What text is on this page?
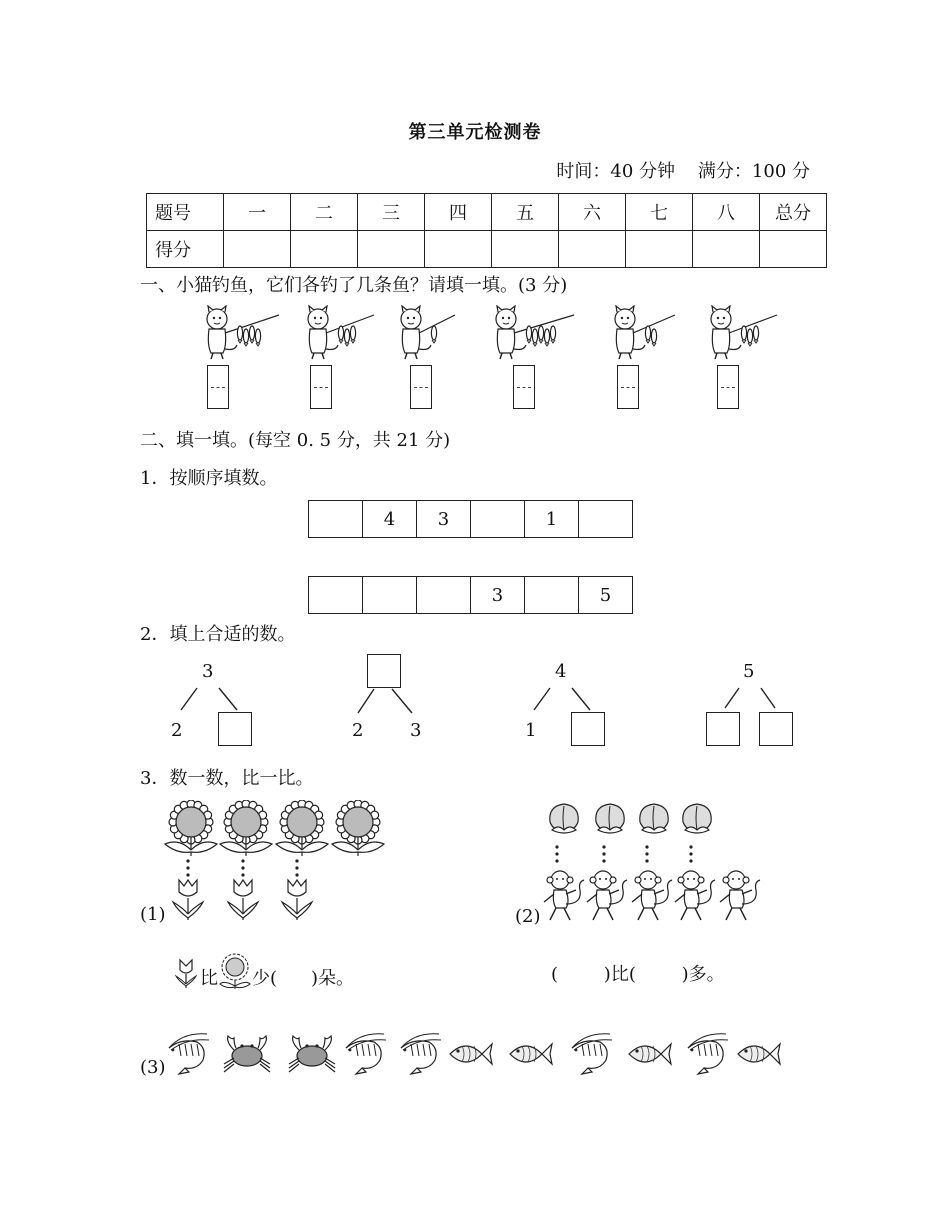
第三单元检测卷
时间：40 分钟 满分：100 分
题号	一	二	三	四	五	六	七	八	总分
得分									
一、小猫钓鱼，它们各钓了几条鱼？请填一填。(3 分)
二、填一填。(每空 0. 5 分，共 21 分)
1．按顺序填数。
	4	3		1	
			3		5
2．填上合适的数。
3
2	2	3
4
1
5
3．数一数，比一比。
(1)
比 少( )朵。
(2)
(        )比(        )多。
(3)
